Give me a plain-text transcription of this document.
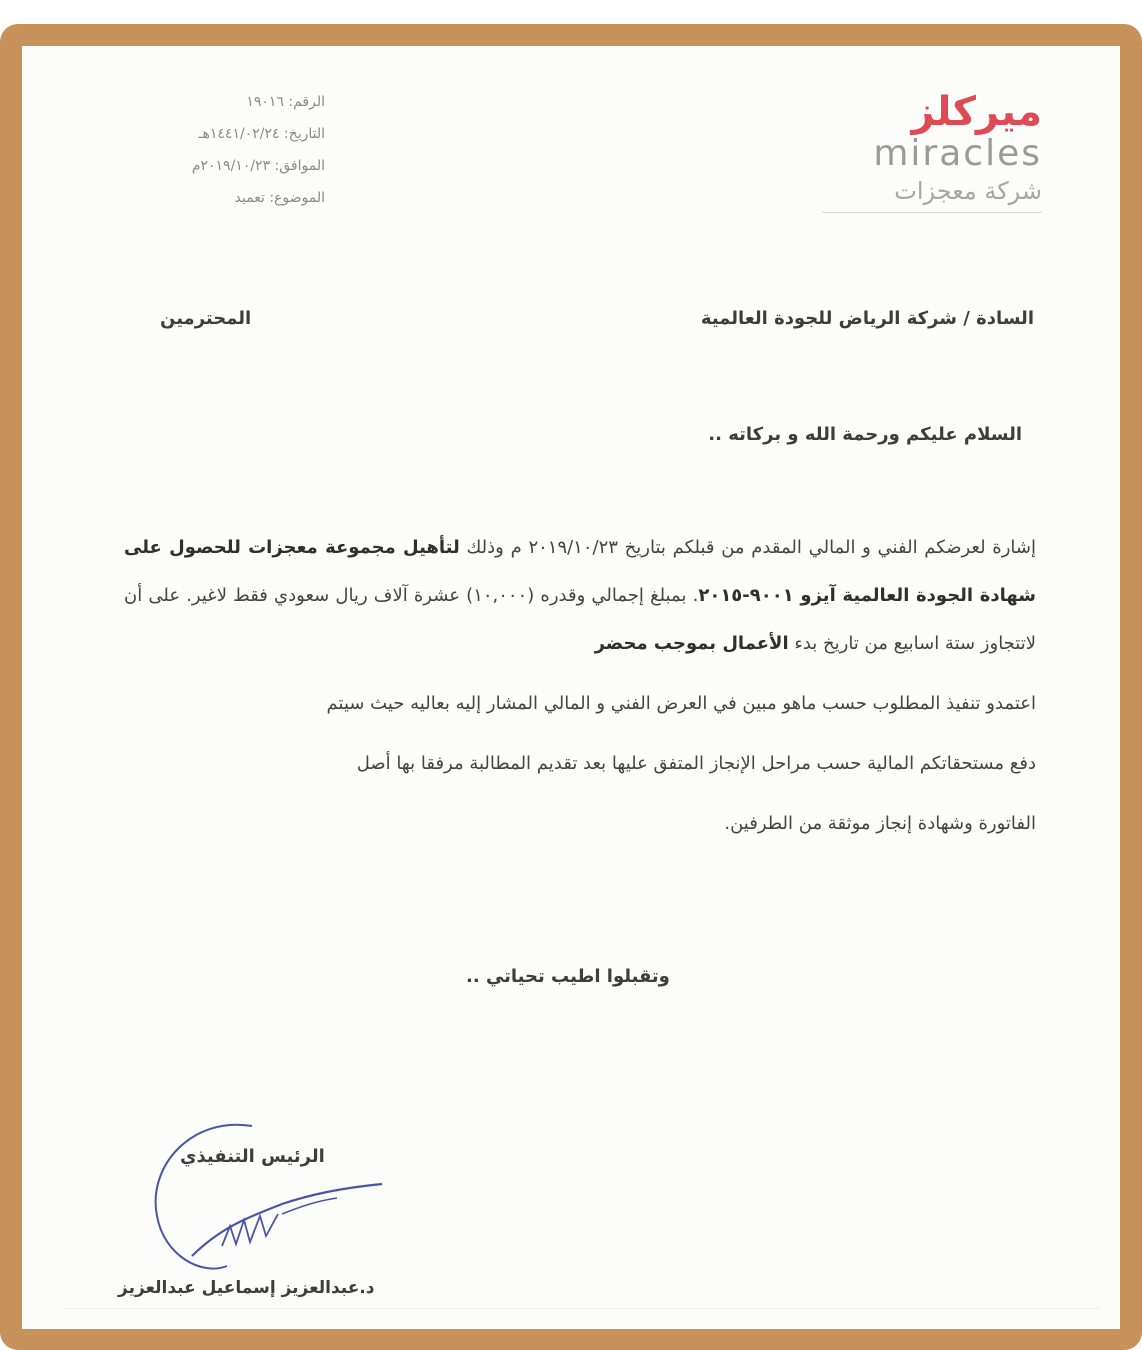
الرقم: ١٩٠١٦
التاريخ: ١٤٤١/٠٢/٢٤هـ
الموافق: ٢٠١٩/١٠/٢٣م
الموضوع: تعميد
ميركلز
miracles
شركة معجزات
السادة / شركة الرياض للجودة العالمية
المحترمين
السلام عليكم ورحمة الله و بركاته ..

إشارة لعرضكم الفني و المالي المقدم من قبلكم بتاريخ ٢٠١٩/١٠/٢٣ م وذلك لتأهيل مجموعة معجزات للحصول على شهادة الجودة العالمية آيزو ٩٠٠١-٢٠١٥. بمبلغ إجمالي وقدره (١٠,٠٠٠) عشرة آلاف ريال سعودي فقط لاغير. على أن لاتتجاوز ستة اسابيع من تاريخ بدء الأعمال بموجب محضر

اعتمدو تنفيذ المطلوب حسب ماهو مبين في العرض الفني و المالي المشار إليه بعاليه حيث سيتم

دفع مستحقاتكم المالية حسب مراحل الإنجاز المتفق عليها بعد تقديم المطالبة مرفقا بها أصل

الفاتورة وشهادة إنجاز موثقة من الطرفين.

وتقبلوا اطيب تحياتي ..
الرئيس التنفيذي
د.عبدالعزيز إسماعيل عبدالعزيز
